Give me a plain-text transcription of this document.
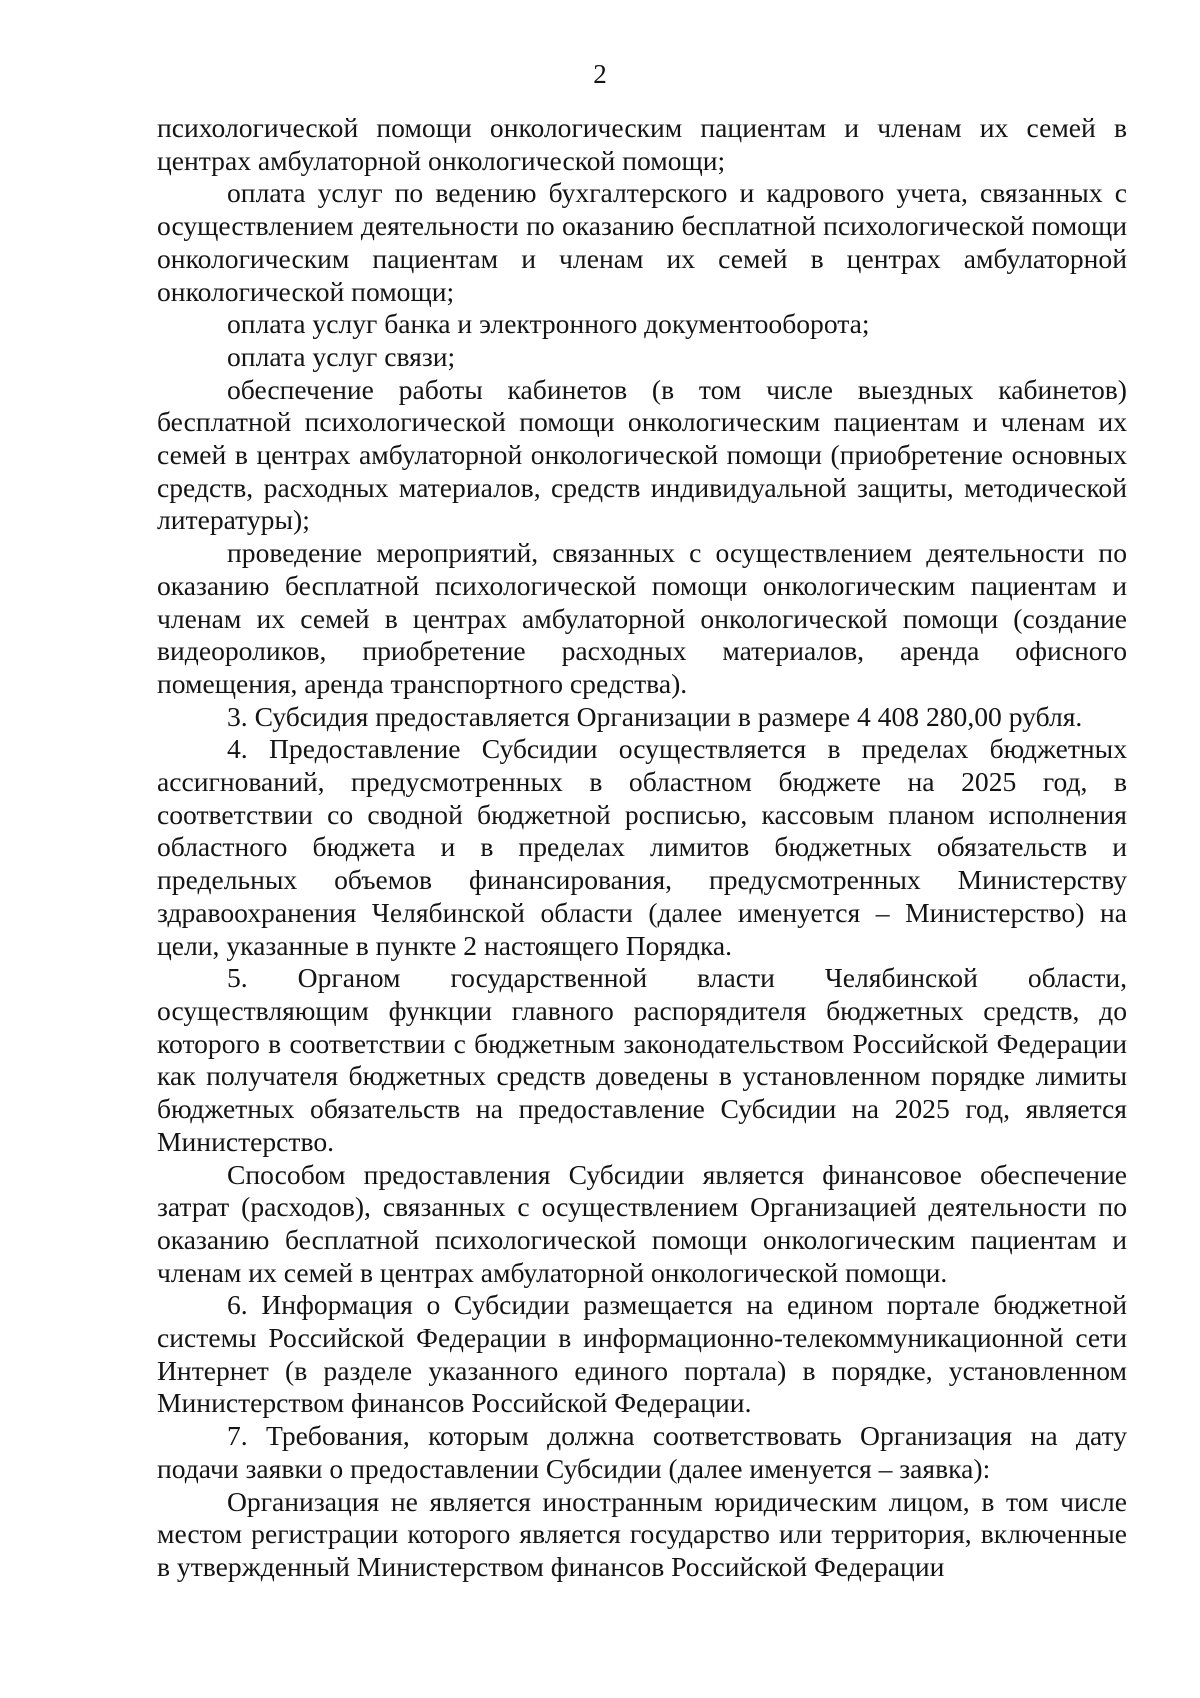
2

психологической помощи онкологическим пациентам и членам их семей в центрах амбулаторной онкологической помощи;

оплата услуг по ведению бухгалтерского и кадрового учета, связанных с осуществлением деятельности по оказанию бесплатной психологической помощи онкологическим пациентам и членам их семей в центрах амбулаторной онкологической помощи;

оплата услуг банка и электронного документооборота;

оплата услуг связи;

обеспечение работы кабинетов (в том числе выездных кабинетов) бесплатной психологической помощи онкологическим пациентам и членам их семей в центрах амбулаторной онкологической помощи (приобретение основных средств, расходных материалов, средств индивидуальной защиты, методической литературы);

проведение мероприятий, связанных с осуществлением деятельности по оказанию бесплатной психологической помощи онкологическим пациентам и членам их семей в центрах амбулаторной онкологической помощи (создание видеороликов, приобретение расходных материалов, аренда офисного помещения, аренда транспортного средства).

3. Субсидия предоставляется Организации в размере 4 408 280,00 рубля.

4. Предоставление Субсидии осуществляется в пределах бюджетных ассигнований, предусмотренных в областном бюджете на 2025 год, в соответствии со сводной бюджетной росписью, кассовым планом исполнения областного бюджета и в пределах лимитов бюджетных обязательств и предельных объемов финансирования, предусмотренных Министерству здравоохранения Челябинской области (далее именуется – Министерство) на цели, указанные в пункте 2 настоящего Порядка.

5. Органом государственной власти Челябинской области, осуществляющим функции главного распорядителя бюджетных средств, до которого в соответствии с бюджетным законодательством Российской Федерации как получателя бюджетных средств доведены в установленном порядке лимиты бюджетных обязательств на предоставление Субсидии на 2025 год, является Министерство.

Способом предоставления Субсидии является финансовое обеспечение затрат (расходов), связанных с осуществлением Организацией деятельности по оказанию бесплатной психологической помощи онкологическим пациентам и членам их семей в центрах амбулаторной онкологической помощи.

6. Информация о Субсидии размещается на едином портале бюджетной системы Российской Федерации в информационно-телекоммуникационной сети Интернет (в разделе указанного единого портала) в порядке, установленном Министерством финансов Российской Федерации.

7. Требования, которым должна соответствовать Организация на дату подачи заявки о предоставлении Субсидии (далее именуется – заявка):

Организация не является иностранным юридическим лицом, в том числе местом регистрации которого является государство или территория, включенные в утвержденный Министерством финансов Российской Федерации
